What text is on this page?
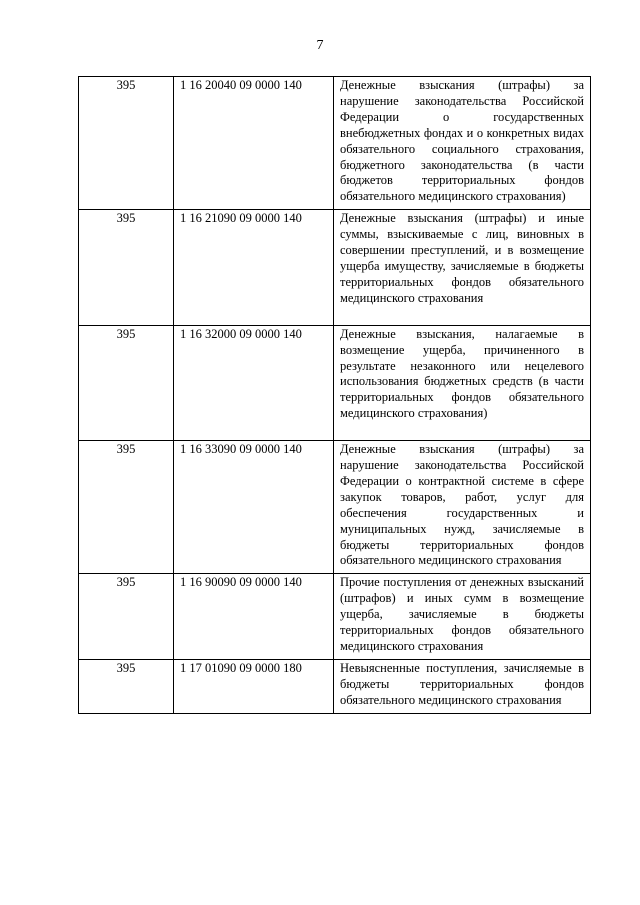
7
395	1 16 20040 09 0000 140	Денежные взыскания (штрафы) за нарушение законодательства Российской Федерации о государственных внебюджетных фондах и о конкретных видах обязательного социального страхования, бюджетного законодательства (в части бюджетов территориальных фондов обязательного медицинского страхования)
395	1 16 21090 09 0000 140	Денежные взыскания (штрафы) и иные суммы, взыскиваемые с лиц, виновных в совершении преступлений, и в возмещение ущерба имуществу, зачисляемые в бюджеты территориальных фондов обязательного медицинского страхования
395	1 16 32000 09 0000 140	Денежные взыскания, налагаемые в возмещение ущерба, причиненного в результате незаконного или нецелевого использования бюджетных средств (в части территориальных фондов обязательного медицинского страхования)
395	1 16 33090 09 0000 140	Денежные взыскания (штрафы) за нарушение законодательства Российской Федерации о контрактной системе в сфере закупок товаров, работ, услуг для обеспечения государственных и муниципальных нужд, зачисляемые в бюджеты территориальных фондов обязательного медицинского страхования
395	1 16 90090 09 0000 140	Прочие поступления от денежных взысканий (штрафов) и иных сумм в возмещение ущерба, зачисляемые в бюджеты территориальных фондов обязательного медицинского страхования
395	1 17 01090 09 0000 180	Невыясненные поступления, зачисляемые в бюджеты территориальных фондов обязательного медицинского страхования
